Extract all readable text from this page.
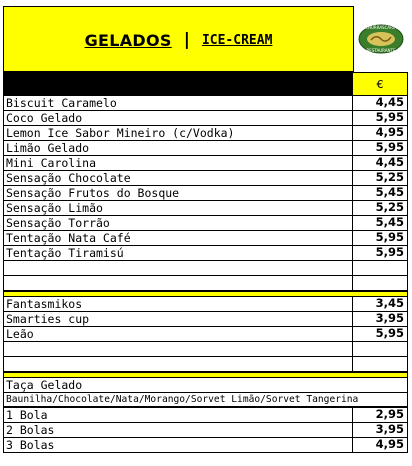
GELADOS | ICE-CREAM
CHURRASCARIA
RESTAURANTE
€
Biscuit Caramelo	4,45
Coco Gelado	5,95
Lemon Ice Sabor Mineiro (c/Vodka)	4,95
Limão Gelado	5,95
Mini Carolina	4,45
Sensação Chocolate	5,25
Sensação Frutos do Bosque	5,45
Sensação Limão	5,25
Sensação Torrão	5,45
Tentação Nata Café	5,95
Tentação Tiramisú	5,95
Fantasmikos	3,45
Smarties cup	3,95
Leão	5,95
Taça Gelado
Baunilha/Chocolate/Nata/Morango/Sorvet Limão/Sorvet Tangerina
1 Bola	2,95
2 Bolas	3,95
3 Bolas	4,95
